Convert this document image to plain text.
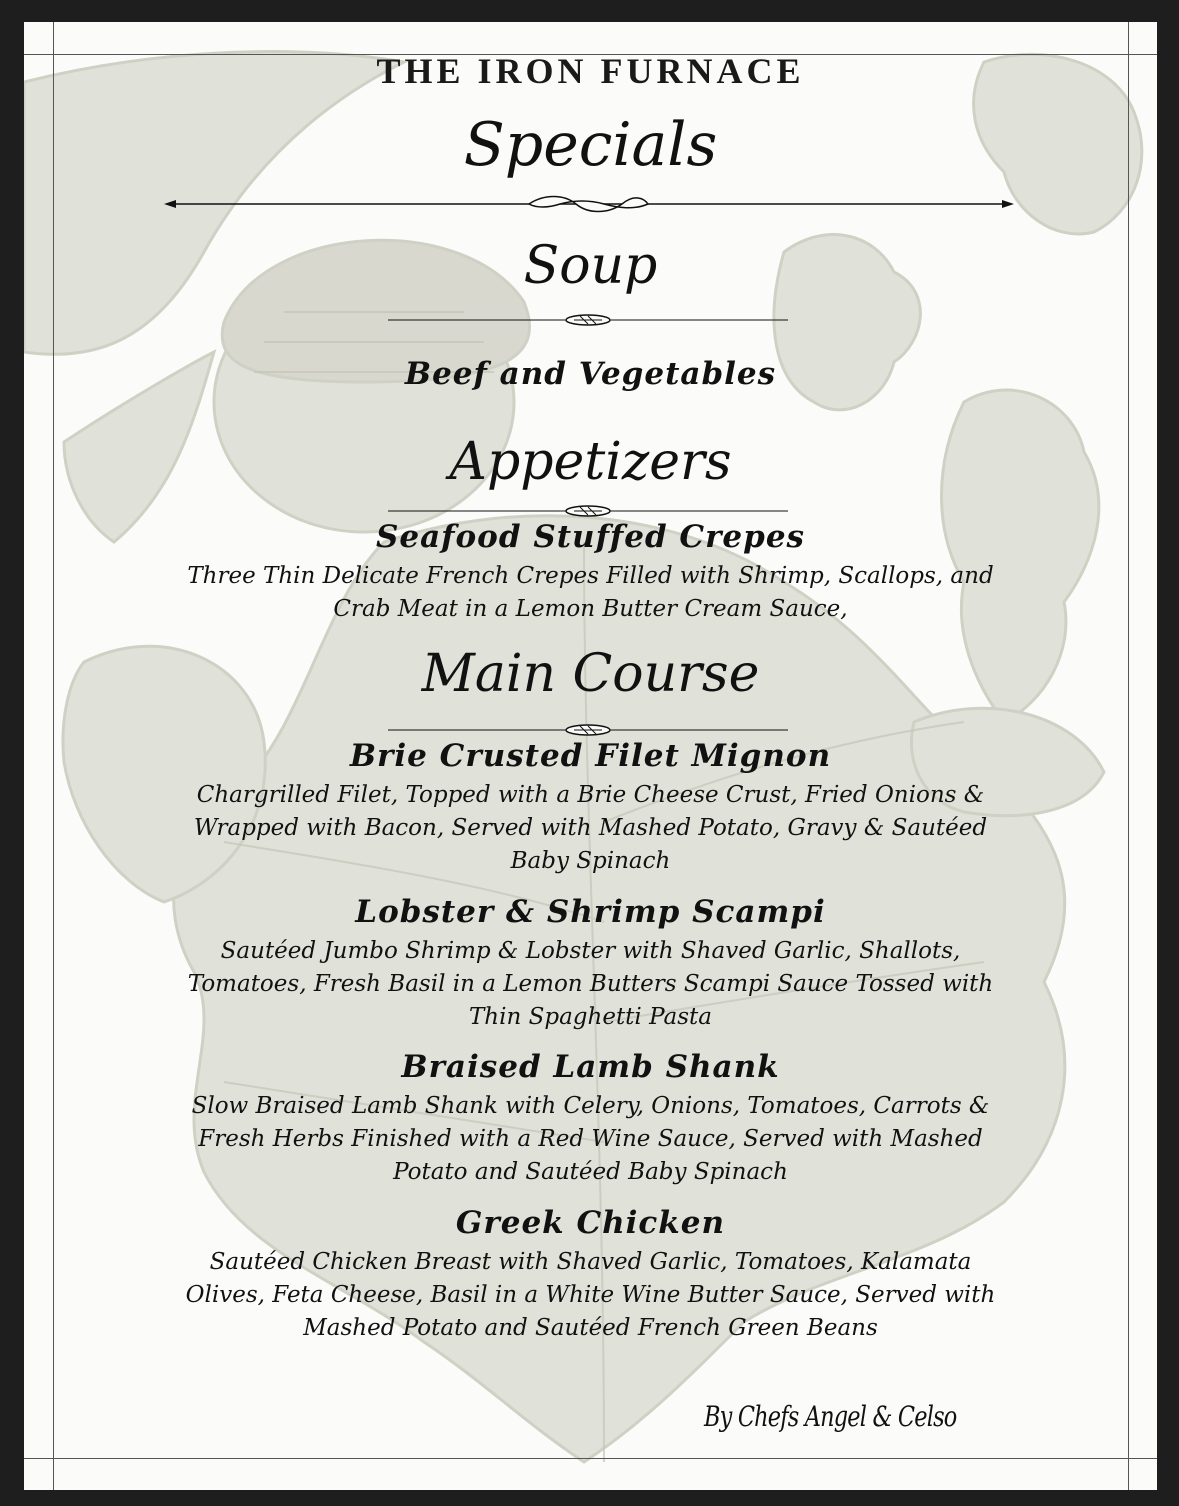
THE IRON FURNACE
Specials
Soup
Beef and Vegetables
Appetizers
Seafood Stuffed Crepes
Three Thin Delicate French Crepes Filled with Shrimp, Scallops, and
Crab Meat in a Lemon Butter Cream Sauce,
Main Course
Brie Crusted Filet Mignon
Chargrilled Filet, Topped with a Brie Cheese Crust, Fried Onions &
Wrapped with Bacon, Served with Mashed Potato, Gravy & Sautéed
Baby Spinach
Lobster & Shrimp Scampi
Sautéed Jumbo Shrimp & Lobster with Shaved Garlic, Shallots,
Tomatoes, Fresh Basil in a Lemon Butters Scampi Sauce Tossed with
Thin Spaghetti Pasta
Braised Lamb Shank
Slow Braised Lamb Shank with Celery, Onions, Tomatoes, Carrots &
Fresh Herbs Finished with a Red Wine Sauce, Served with Mashed
Potato and Sautéed Baby Spinach
Greek Chicken
Sautéed Chicken Breast with Shaved Garlic, Tomatoes, Kalamata
Olives, Feta Cheese, Basil in a White Wine Butter Sauce, Served with
Mashed Potato and Sautéed French Green Beans
By Chefs Angel & Celso
